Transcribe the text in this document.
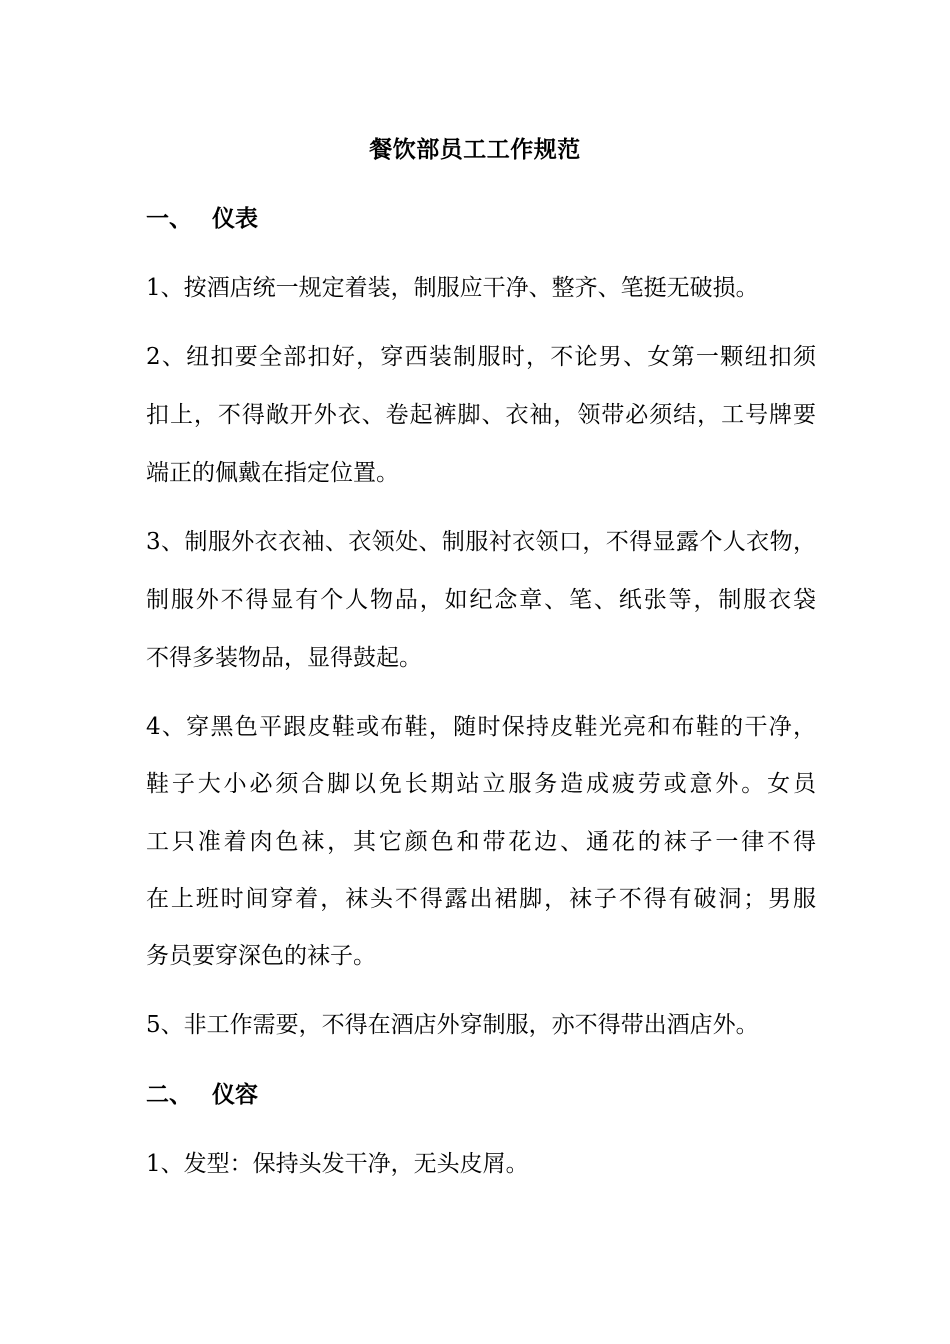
餐饮部员工工作规范
一、 仪表
1、按酒店统一规定着装，制服应干净、整齐、笔挺无破损。
2、纽扣要全部扣好，穿西装制服时，不论男、女第一颗纽扣须
扣上，不得敞开外衣、卷起裤脚、衣袖，领带必须结，工号牌要
端正的佩戴在指定位置。
3、制服外衣衣袖、衣领处、制服衬衣领口，不得显露个人衣物，
制服外不得显有个人物品，如纪念章、笔、纸张等，制服衣袋
不得多装物品，显得鼓起。
4、穿黑色平跟皮鞋或布鞋，随时保持皮鞋光亮和布鞋的干净，
鞋子大小必须合脚以免长期站立服务造成疲劳或意外。女员
工只准着肉色袜，其它颜色和带花边、通花的袜子一律不得
在上班时间穿着，袜头不得露出裙脚，袜子不得有破洞；男服
务员要穿深色的袜子。
5、非工作需要，不得在酒店外穿制服，亦不得带出酒店外。
二、 仪容
1、发型：保持头发干净，无头皮屑。
